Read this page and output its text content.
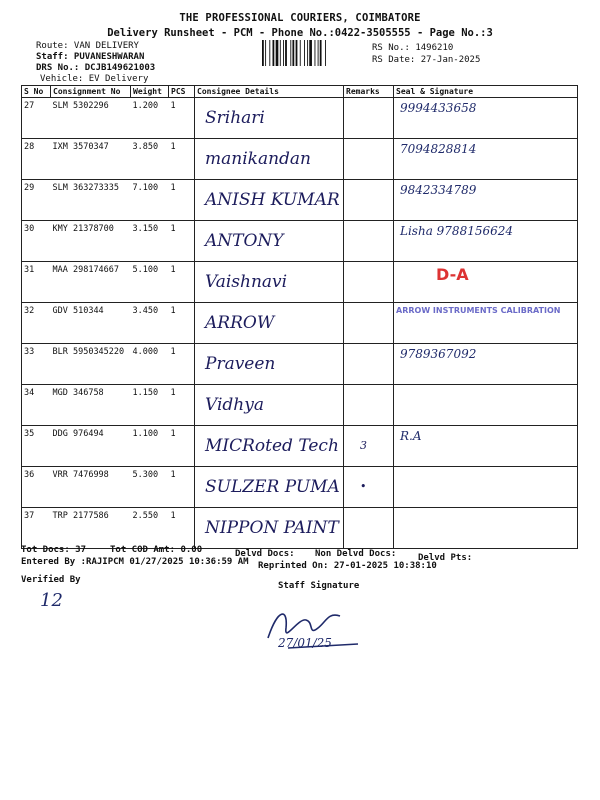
THE PROFESSIONAL COURIERS, COIMBATORE
Delivery Runsheet - PCM - Phone No.:0422-3505555 - Page No.:3
Route: VAN DELIVERY
Staff: PUVANESHWARAN
DRS No.: DCJB149621003
Vehicle: EV Delivery
RS No.: 1496210
RS Date: 27-Jan-2025
S No	Consignment No	Weight	PCS	Consignee Details	Remarks	Seal & Signature
27	SLM 5302296	1.200	1	Srihari		9994433658
28	IXM 3570347	3.850	1	manikandan		7094828814
29	SLM 363273335	7.100	1	ANISH KUMAR		9842334789
30	KMY 21378700	3.150	1	ANTONY		Lisha 9788156624
31	MAA 298174667	5.100	1	Vaishnavi		D-A
32	GDV 510344	3.450	1	ARROW		ARROW INSTRUMENTS CALIBRATION
33	BLR 5950345220	4.000	1	Praveen		9789367092
34	MGD 346758	1.150	1	Vidhya		
35	DDG 976494	1.100	1	MICRoted Tech	3	R.A
36	VRR 7476998	5.300	1	SULZER PUMA	•	
37	TRP 2177586	2.550	1	NIPPON PAINT		
Tot Docs: 37	Tot COD Amt: 0.00	Delvd Docs: Non Delvd Docs: Delvd Pts:
Entered By :RAJIPCM 01/27/2025 10:36:59 AM Reprinted On: 27-01-2025 10:38:10
Verified By
12
Staff Signature
27/01/25
